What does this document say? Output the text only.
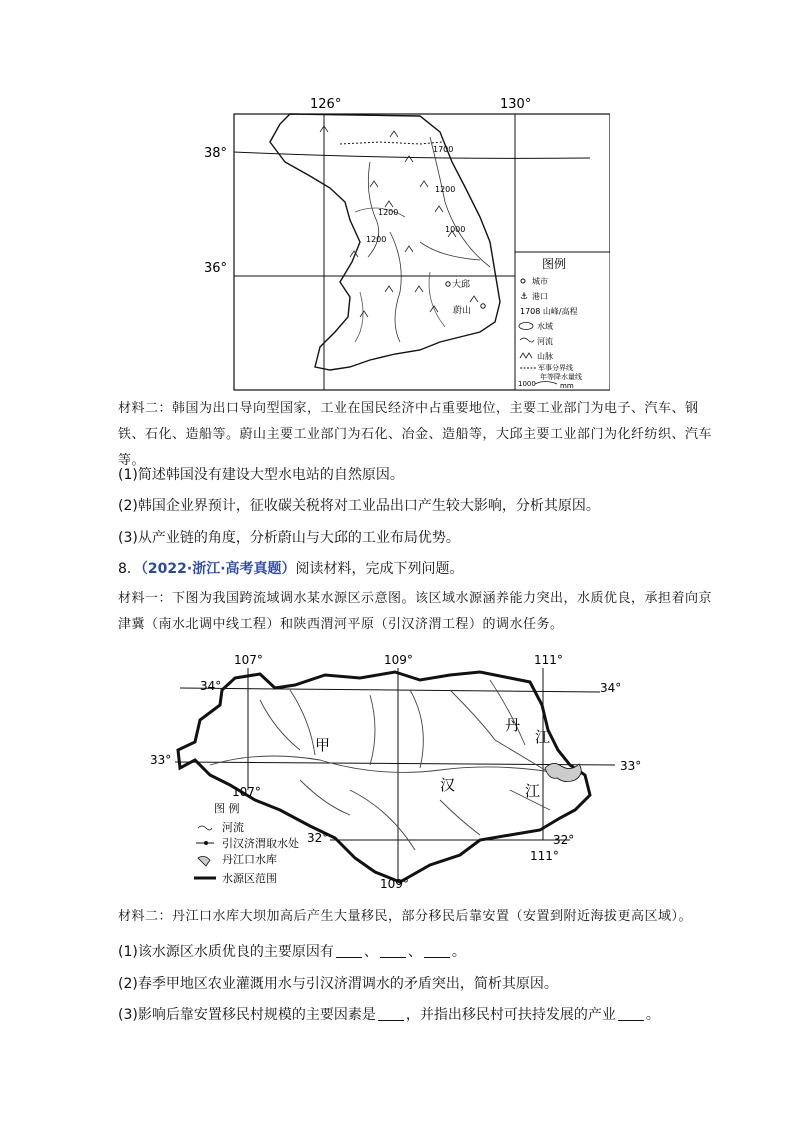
126°	130°
38°
36°
1700
1200
1200
1200
1000
大邱
蔚山
图例
城市
⚓ 港口
1708 山峰/高程
水域
河流
山脉
军事分界线
年等降水量线
1000	mm
材料二：韩国为出口导向型国家，工业在国民经济中占重要地位，主要工业部门为电子、汽车、钢铁、石化、造船等。蔚山主要工业部门为石化、冶金、造船等，大邱主要工业部门为化纤纺织、汽车等。
(1)简述韩国没有建设大型水电站的自然原因。
(2)韩国企业界预计，征收碳关税将对工业品出口产生较大影响，分析其原因。
(3)从产业链的角度，分析蔚山与大邱的工业布局优势。
8．（2022·浙江·高考真题）阅读材料，完成下列问题。
材料一：下图为我国跨流域调水某水源区示意图。该区域水源涵养能力突出，水质优良，承担着向京津冀（南水北调中线工程）和陕西渭河平原（引汉济渭工程）的调水任务。
107°	109°	111°
107°
109°
111°
34°	34°
33°	33°
32°	32°
甲
丹
江
汉	江
图 例
河流
引汉济渭取水处
丹江口水库
水源区范围
材料二：丹江口水库大坝加高后产生大量移民，部分移民后靠安置（安置到附近海拔更高区域）。
(1)该水源区水质优良的主要原因有 、 、 。
(2)春季甲地区农业灌溉用水与引汉济渭调水的矛盾突出，简析其原因。
(3)影响后靠安置移民村规模的主要因素是 ，并指出移民村可扶持发展的产业 。
